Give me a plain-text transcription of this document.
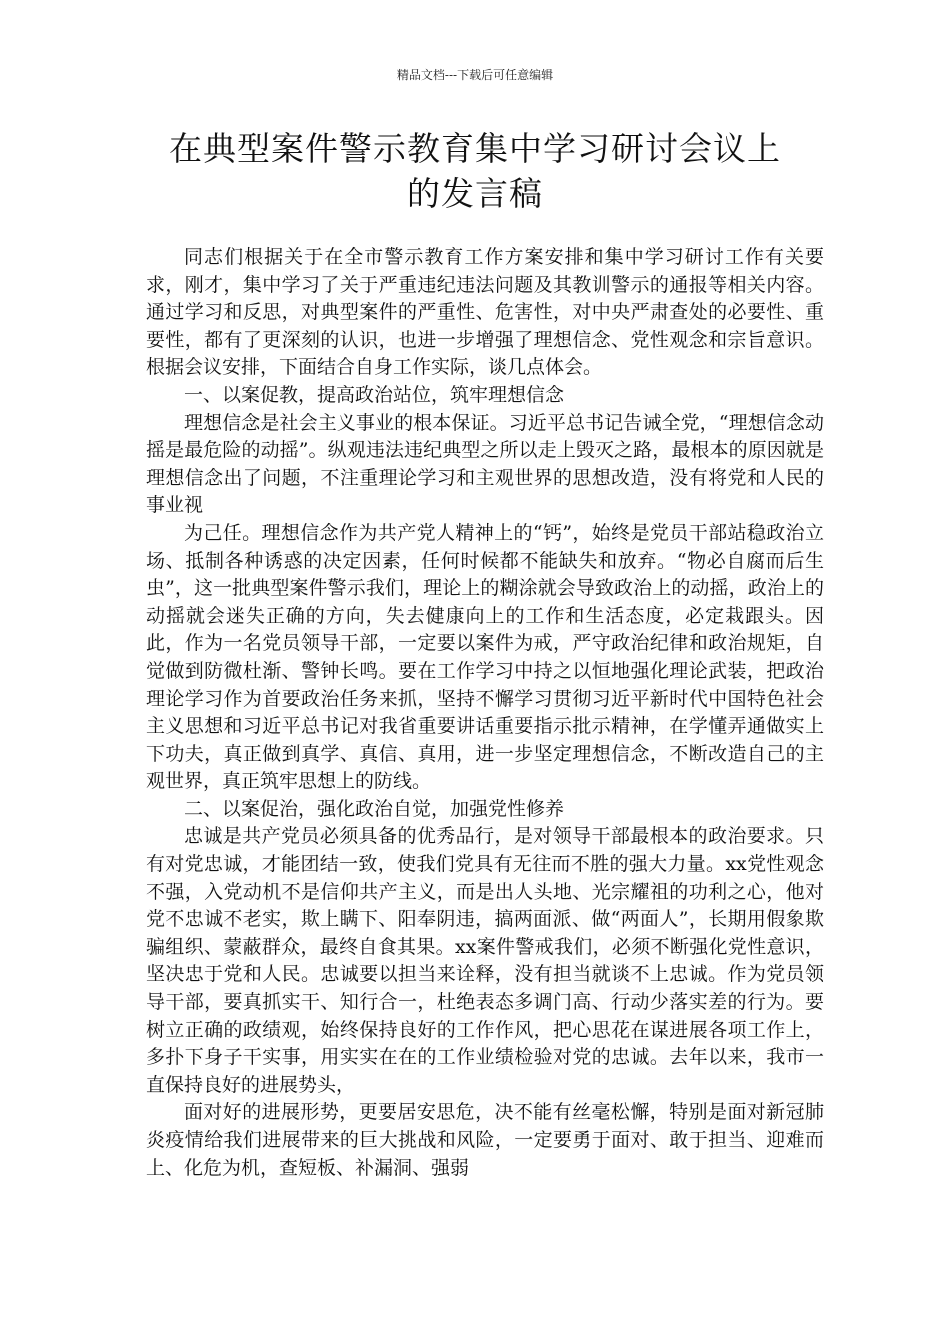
精品文档---下载后可任意编辑
在典型案件警示教育集中学习研讨会议上
的发言稿

同志们根据关于在全市警示教育工作方案安排和集中学习研讨工作有关要求，刚才，集中学习了关于严重违纪违法问题及其教训警示的通报等相关内容。通过学习和反思，对典型案件的严重性、危害性，对中央严肃查处的必要性、重要性，都有了更深刻的认识，也进一步增强了理想信念、党性观念和宗旨意识。根据会议安排，下面结合自身工作实际，谈几点体会。

一、以案促教，提高政治站位，筑牢理想信念

理想信念是社会主义事业的根本保证。习近平总书记告诫全党，“理想信念动摇是最危险的动摇”。纵观违法违纪典型之所以走上毁灭之路，最根本的原因就是理想信念出了问题，不注重理论学习和主观世界的思想改造，没有将党和人民的事业视

为己任。理想信念作为共产党人精神上的“钙”，始终是党员干部站稳政治立场、抵制各种诱惑的决定因素，任何时候都不能缺失和放弃。“物必自腐而后生虫”，这一批典型案件警示我们，理论上的糊涂就会导致政治上的动摇，政治上的动摇就会迷失正确的方向，失去健康向上的工作和生活态度，必定栽跟头。因此，作为一名党员领导干部，一定要以案件为戒，严守政治纪律和政治规矩，自觉做到防微杜渐、警钟长鸣。要在工作学习中持之以恒地强化理论武装，把政治理论学习作为首要政治任务来抓，坚持不懈学习贯彻习近平新时代中国特色社会主义思想和习近平总书记对我省重要讲话重要指示批示精神，在学懂弄通做实上下功夫，真正做到真学、真信、真用，进一步坚定理想信念，不断改造自己的主观世界，真正筑牢思想上的防线。

二、以案促治，强化政治自觉，加强党性修养

忠诚是共产党员必须具备的优秀品行，是对领导干部最根本的政治要求。只有对党忠诚，才能团结一致，使我们党具有无往而不胜的强大力量。xx党性观念不强，入党动机不是信仰共产主义，而是出人头地、光宗耀祖的功利之心，他对党不忠诚不老实，欺上瞒下、阳奉阴违，搞两面派、做“两面人”，长期用假象欺骗组织、蒙蔽群众，最终自食其果。xx案件警戒我们，必须不断强化党性意识，坚决忠于党和人民。忠诚要以担当来诠释，没有担当就谈不上忠诚。作为党员领导干部，要真抓实干、知行合一，杜绝表态多调门高、行动少落实差的行为。要树立正确的政绩观，始终保持良好的工作作风，把心思花在谋进展各项工作上，多扑下身子干实事，用实实在在的工作业绩检验对党的忠诚。去年以来，我市一直保持良好的进展势头，

面对好的进展形势，更要居安思危，决不能有丝毫松懈，特别是面对新冠肺炎疫情给我们进展带来的巨大挑战和风险，一定要勇于面对、敢于担当、迎难而上、化危为机，查短板、补漏洞、强弱
